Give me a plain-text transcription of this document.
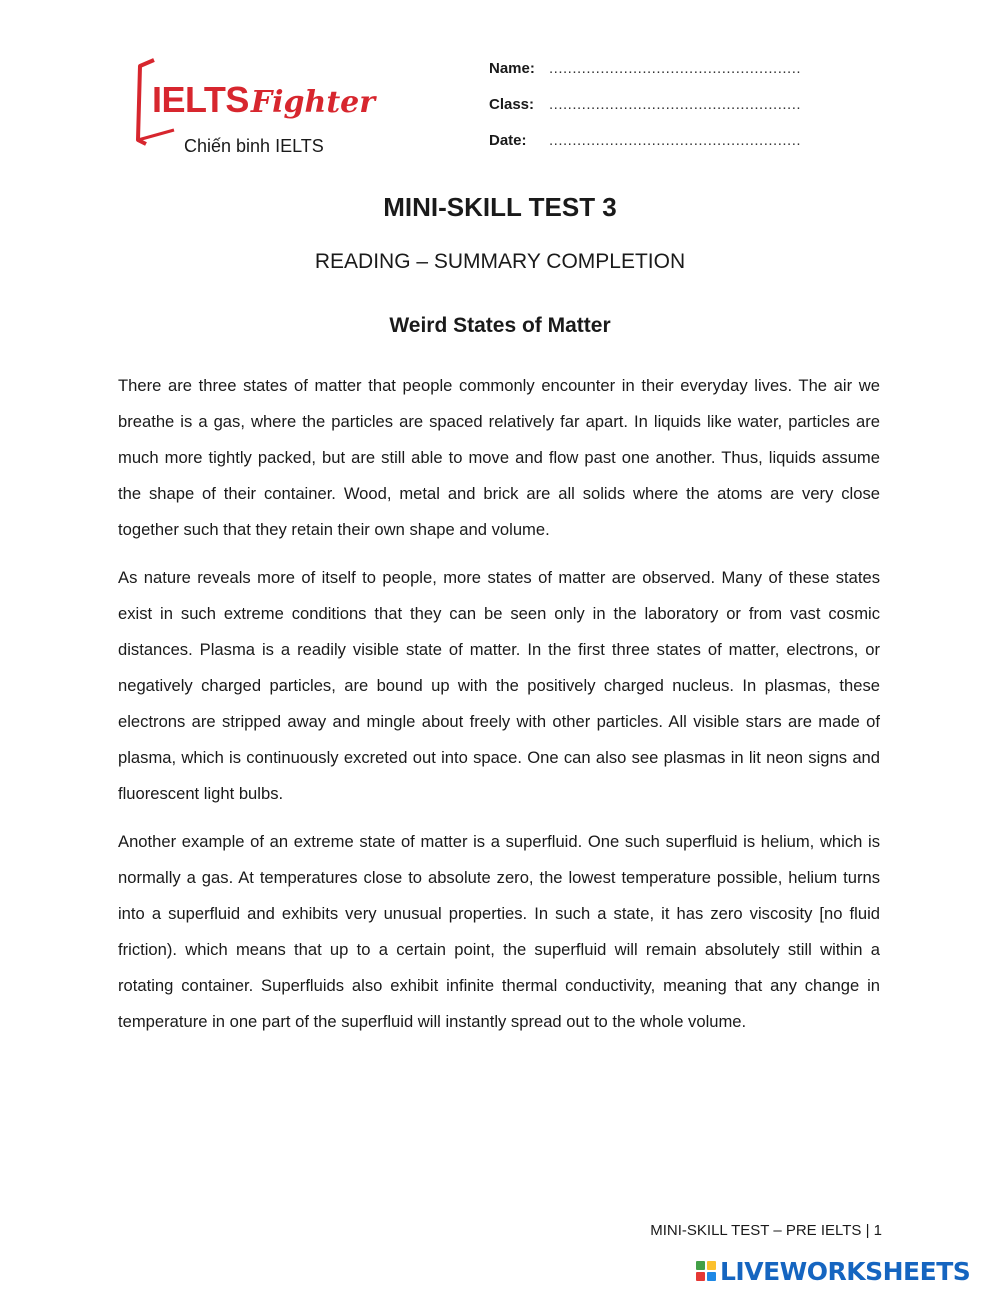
IELTSFighter
Chiến binh IELTS
Name: ......................................................
Class: ......................................................
Date:	......................................................
MINI-SKILL TEST 3
READING – SUMMARY COMPLETION
Weird States of Matter

There are three states of matter that people commonly encounter in their everyday lives. The air we breathe is a gas, where the particles are spaced relatively far apart. In liquids like water, particles are much more tightly packed, but are still able to move and flow past one another. Thus, liquids assume the shape of their container. Wood, metal and brick are all solids where the atoms are very close together such that they retain their own shape and volume.

As nature reveals more of itself to people, more states of matter are observed. Many of these states exist in such extreme conditions that they can be seen only in the laboratory or from vast cosmic distances. Plasma is a readily visible state of matter. In the first three states of matter, electrons, or negatively charged particles, are bound up with the positively charged nucleus. In plasmas, these electrons are stripped away and mingle about freely with other particles. All visible stars are made of plasma, which is continuously excreted out into space. One can also see plasmas in lit neon signs and fluorescent light bulbs.

Another example of an extreme state of matter is a superfluid. One such superfluid is helium, which is normally a gas. At temperatures close to absolute zero, the lowest temperature possible, helium turns into a superfluid and exhibits very unusual properties. In such a state, it has zero viscosity [no fluid friction). which means that up to a certain point, the superfluid will remain absolutely still within a rotating container. Superfluids also exhibit infinite thermal conductivity, meaning that any change in temperature in one part of the superfluid will instantly spread out to the whole volume.

MINI-SKILL TEST – PRE IELTS | 1
LIVEWORKSHEETS
